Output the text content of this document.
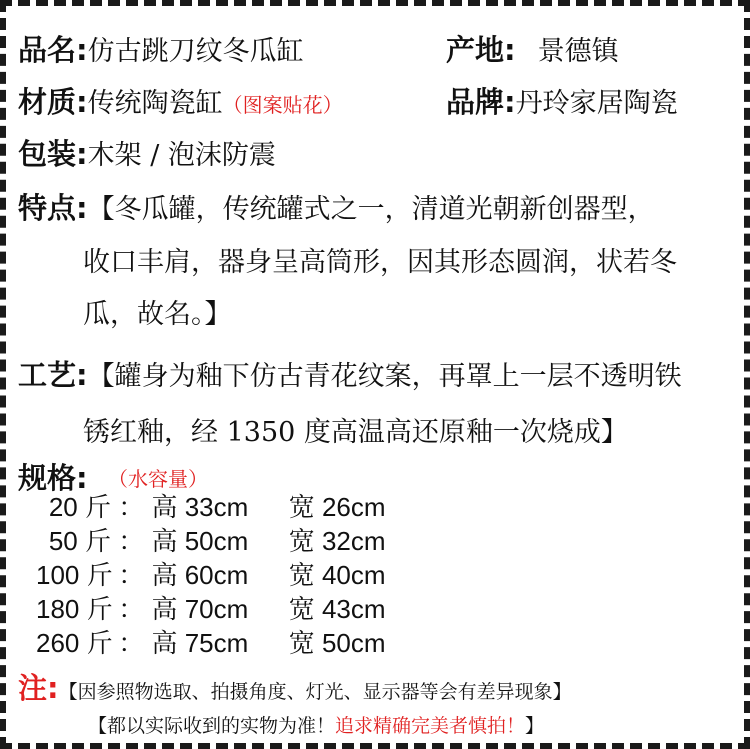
品名:仿古跳刀纹冬瓜缸	产地: 景德镇
材质:传统陶瓷缸（图案贴花）	品牌:丹玲家居陶瓷
包装:木架 / 泡沫防震
特点:【冬瓜罐，传统罐式之一，清道光朝新创器型，
收口丰肩，器身呈高筒形，因其形态圆润，状若冬
瓜，故名。】
工艺:【罐身为釉下仿古青花纹案，再罩上一层不透明铁
锈红釉，经 1350 度高温高还原釉一次烧成】
规格: （水容量）
20 斤 ： 高 33cm 宽 26cm
50 斤 ： 高 50cm 宽 32cm
100 斤 ： 高 60cm 宽 40cm
180 斤 ： 高 70cm 宽 43cm
260 斤 ： 高 75cm 宽 50cm
注:【因参照物选取、拍摄角度、灯光、显示器等会有差异现象】
【都以实际收到的实物为准！追求精确完美者慎拍！】
